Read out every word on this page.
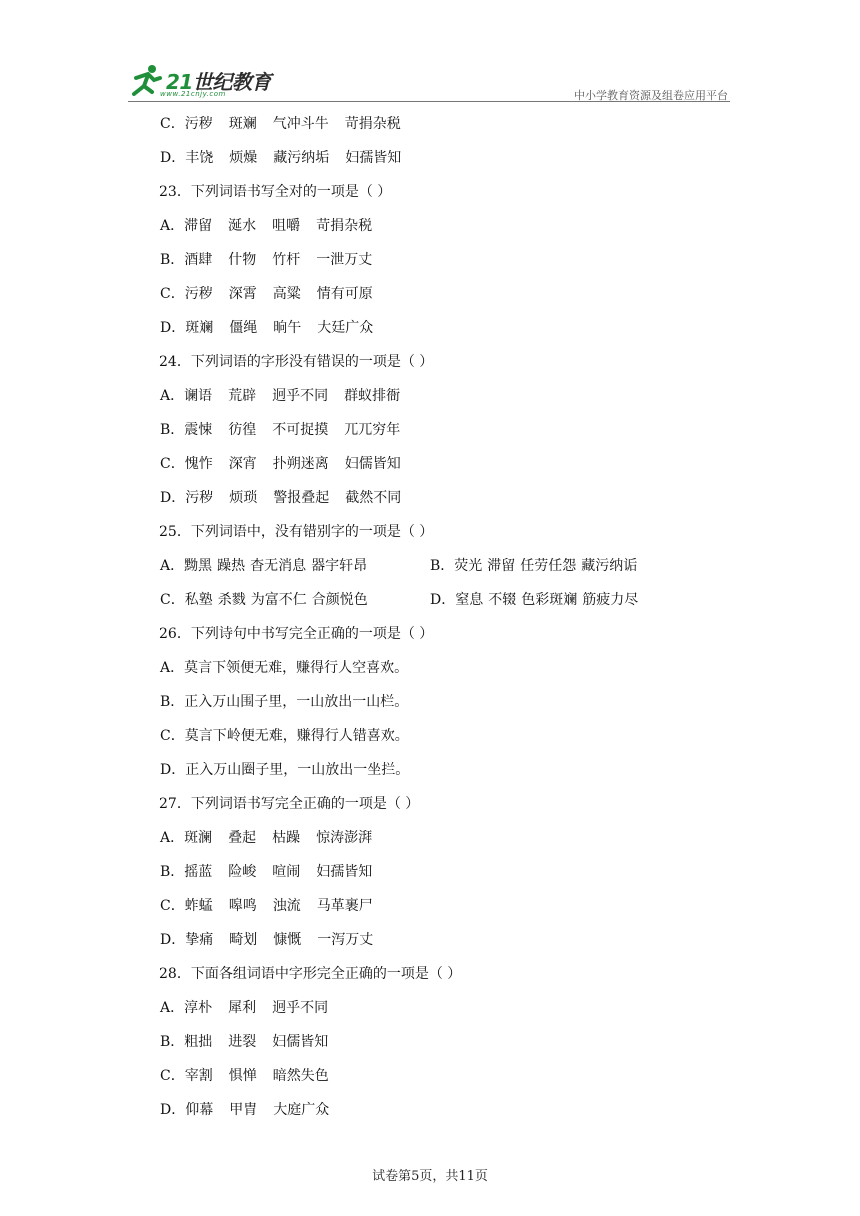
21世纪教育
www.21cnjy.com	中小学教育资源及组卷应用平台
C．污秽 斑斓 气冲斗牛 苛捐杂税
D．丰饶 烦燥 藏污纳垢 妇孺皆知
23．下列词语书写全对的一项是（ ）
A．滞留 涎水 咀嚼 苛捐杂税
B．酒肆 什物 竹杆 一泄万丈
C．污秽 深霄 高粱 情有可原
D．斑斓 僵绳 晌午 大廷广众
24．下列词语的字形没有错误的一项是（ ）
A．谰语 荒辟 迥乎不同 群蚁排衙
B．震悚 彷徨 不可捉摸 兀兀穷年
C．愧怍 深宵 扑朔迷离 妇儒皆知
D．污秽 烦琐 警报叠起 截然不同
25．下列词语中，没有错别字的一项是（ ）
A．黝黑 躁热 杳无消息 器宇轩昂	B．荧光 滞留 任劳任怨 藏污纳诟
C．私塾 杀戮 为富不仁 合颜悦色	D．窒息 不辍 色彩斑斓 筋疲力尽
26．下列诗句中书写完全正确的一项是（ ）
A．莫言下领便无难，赚得行人空喜欢。
B．正入万山围子里，一山放出一山栏。
C．莫言下岭便无难，赚得行人错喜欢。
D．正入万山圈子里，一山放出一坐拦。
27．下列词语书写完全正确的一项是（ ）
A．斑澜 叠起 枯躁 惊涛澎湃
B．摇蓝 险峻 喧闹 妇孺皆知
C．蚱蜢 嗥鸣 浊流 马革裹尸
D．挚痛 畸划 慷慨 一泻万丈
28．下面各组词语中字形完全正确的一项是（ ）
A．淳朴 犀利 迥乎不同
B．粗拙 进裂 妇儒皆知
C．宰割 惧惮 暗然失色
D．仰幕 甲胄 大庭广众
试卷第5页，共11页
